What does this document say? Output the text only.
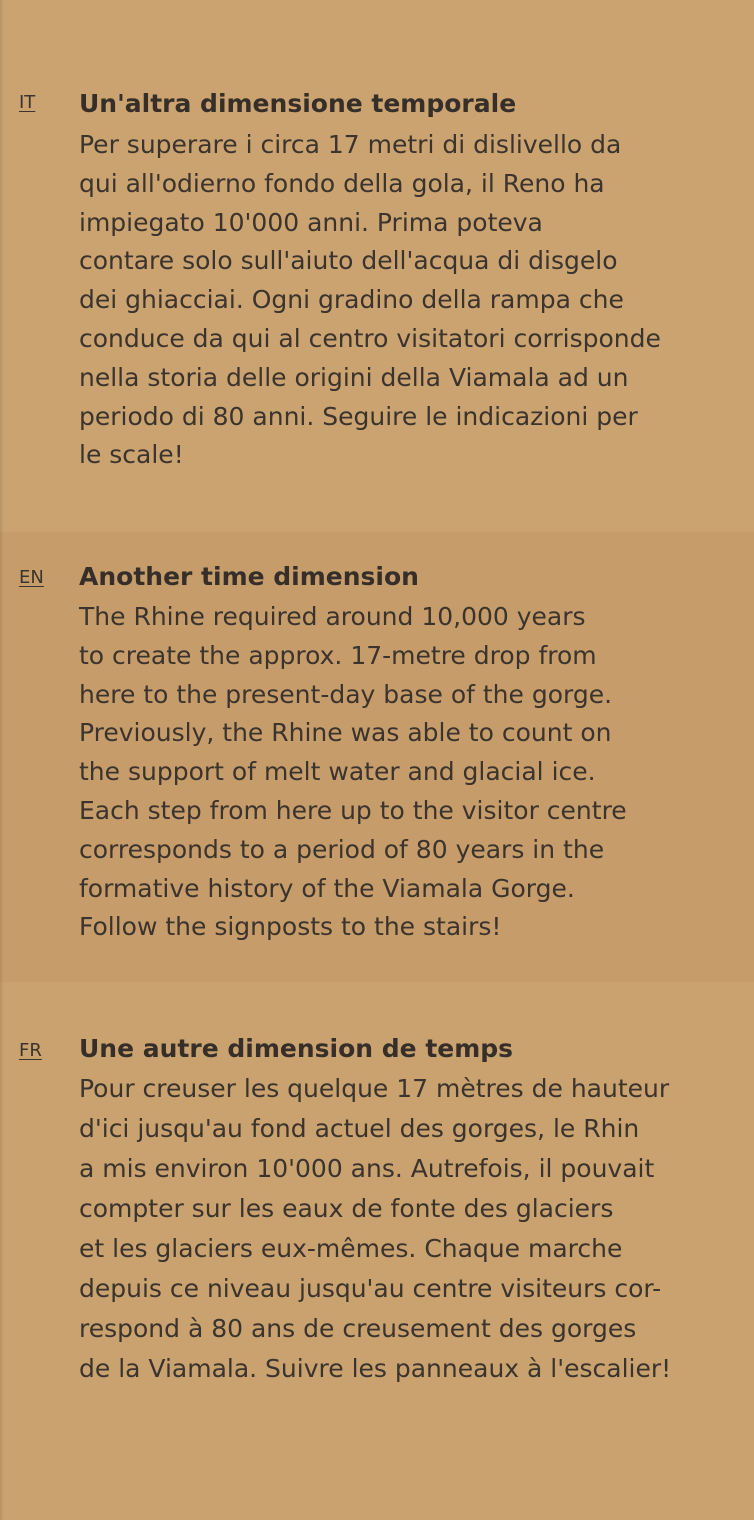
IT Un'altra dimensione temporale
Per superare i circa 17 metri di dislivello da
qui all'odierno fondo della gola, il Reno ha
impiegato 10'000 anni. Prima poteva
contare solo sull'aiuto dell'acqua di disgelo
dei ghiacciai. Ogni gradino della rampa che
conduce da qui al centro visitatori corrisponde
nella storia delle origini della Viamala ad un
periodo di 80 anni. Seguire le indicazioni per
le scale!
EN Another time dimension
The Rhine required around 10,000 years
to create the approx. 17-metre drop from
here to the present-day base of the gorge.
Previously, the Rhine was able to count on
the support of melt water and glacial ice.
Each step from here up to the visitor centre
corresponds to a period of 80 years in the
formative history of the Viamala Gorge.
Follow the signposts to the stairs!
FR Une autre dimension de temps
Pour creuser les quelque 17 mètres de hauteur
d'ici jusqu'au fond actuel des gorges, le Rhin
a mis environ 10'000 ans. Autrefois, il pouvait
compter sur les eaux de fonte des glaciers
et les glaciers eux-mêmes. Chaque marche
depuis ce niveau jusqu'au centre visiteurs cor-
respond à 80 ans de creusement des gorges
de la Viamala. Suivre les panneaux à l'escalier!
